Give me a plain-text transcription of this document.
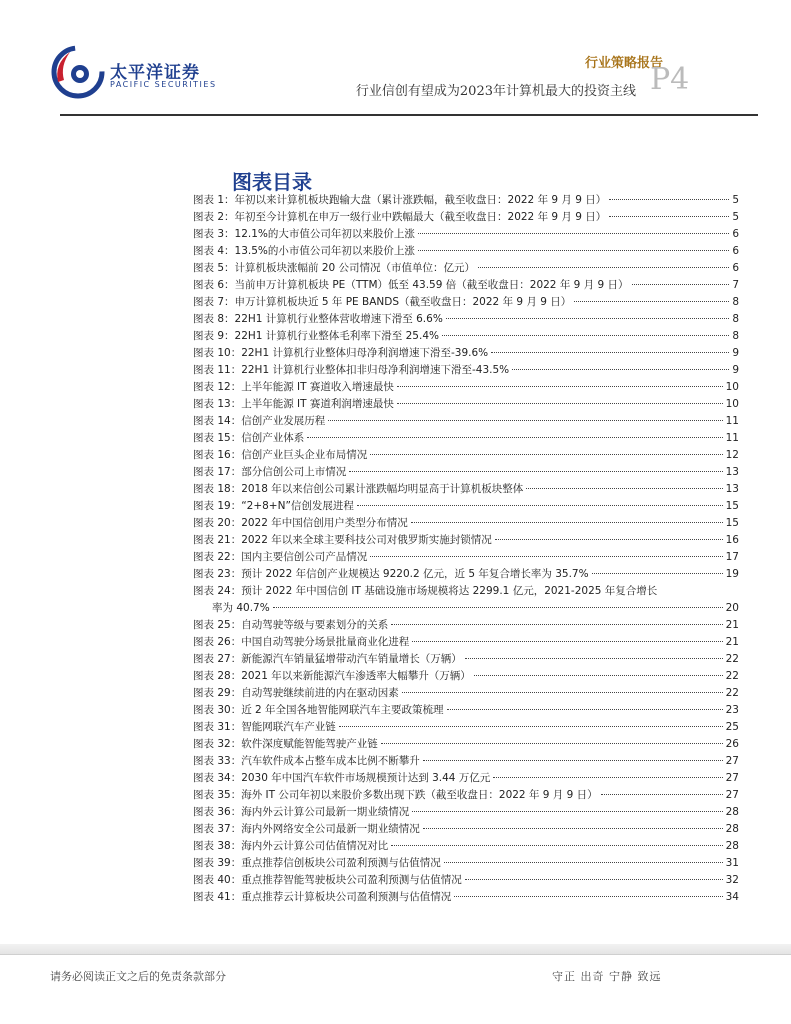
太平洋证券
PACIFIC SECURITIES
行业策略报告
行业信创有望成为2023年计算机最大的投资主线 P4
图表目录
图表 1：年初以来计算机板块跑输大盘（累计涨跌幅，截至收盘日：2022 年 9 月 9 日）	5
图表 2：年初至今计算机在申万一级行业中跌幅最大（截至收盘日：2022 年 9 月 9 日）	5
图表 3：12.1%的大市值公司年初以来股价上涨	6
图表 4：13.5%的小市值公司年初以来股价上涨	6
图表 5：计算机板块涨幅前 20 公司情况（市值单位：亿元）	6
图表 6：当前申万计算机板块 PE（TTM）低至 43.59 倍（截至收盘日：2022 年 9 月 9 日）	7
图表 7：申万计算机板块近 5 年 PE BANDS（截至收盘日：2022 年 9 月 9 日）	8
图表 8：22H1 计算机行业整体营收增速下滑至 6.6%	8
图表 9：22H1 计算机行业整体毛利率下滑至 25.4%	8
图表 10：22H1 计算机行业整体归母净利润增速下滑至-39.6%	9
图表 11：22H1 计算机行业整体扣非归母净利润增速下滑至-43.5%	9
图表 12：上半年能源 IT 赛道收入增速最快	10
图表 13：上半年能源 IT 赛道利润增速最快	10
图表 14：信创产业发展历程	11
图表 15：信创产业体系	11
图表 16：信创产业巨头企业布局情况	12
图表 17：部分信创公司上市情况	13
图表 18：2018 年以来信创公司累计涨跌幅均明显高于计算机板块整体	13
图表 19：“2+8+N”信创发展进程	15
图表 20：2022 年中国信创用户类型分布情况	15
图表 21：2022 年以来全球主要科技公司对俄罗斯实施封锁情况	16
图表 22：国内主要信创公司产品情况	17
图表 23：预计 2022 年信创产业规模达 9220.2 亿元，近 5 年复合增长率为 35.7%	19
图表 24：预计 2022 年中国信创 IT 基础设施市场规模将达 2299.1 亿元，2021-2025 年复合增长
率为 40.7%	20
图表 25：自动驾驶等级与要素划分的关系	21
图表 26：中国自动驾驶分场景批量商业化进程	21
图表 27：新能源汽车销量猛增带动汽车销量增长（万辆）	22
图表 28：2021 年以来新能源汽车渗透率大幅攀升（万辆）	22
图表 29：自动驾驶继续前进的内在驱动因素	22
图表 30：近 2 年全国各地智能网联汽车主要政策梳理	23
图表 31：智能网联汽车产业链	25
图表 32：软件深度赋能智能驾驶产业链	26
图表 33：汽车软件成本占整车成本比例不断攀升	27
图表 34：2030 年中国汽车软件市场规模预计达到 3.44 万亿元	27
图表 35：海外 IT 公司年初以来股价多数出现下跌（截至收盘日：2022 年 9 月 9 日）	27
图表 36：海内外云计算公司最新一期业绩情况	28
图表 37：海内外网络安全公司最新一期业绩情况	28
图表 38：海内外云计算公司估值情况对比	28
图表 39：重点推荐信创板块公司盈利预测与估值情况	31
图表 40：重点推荐智能驾驶板块公司盈利预测与估值情况	32
图表 41：重点推荐云计算板块公司盈利预测与估值情况	34
请务必阅读正文之后的免责条款部分	守正 出奇 宁静 致远
